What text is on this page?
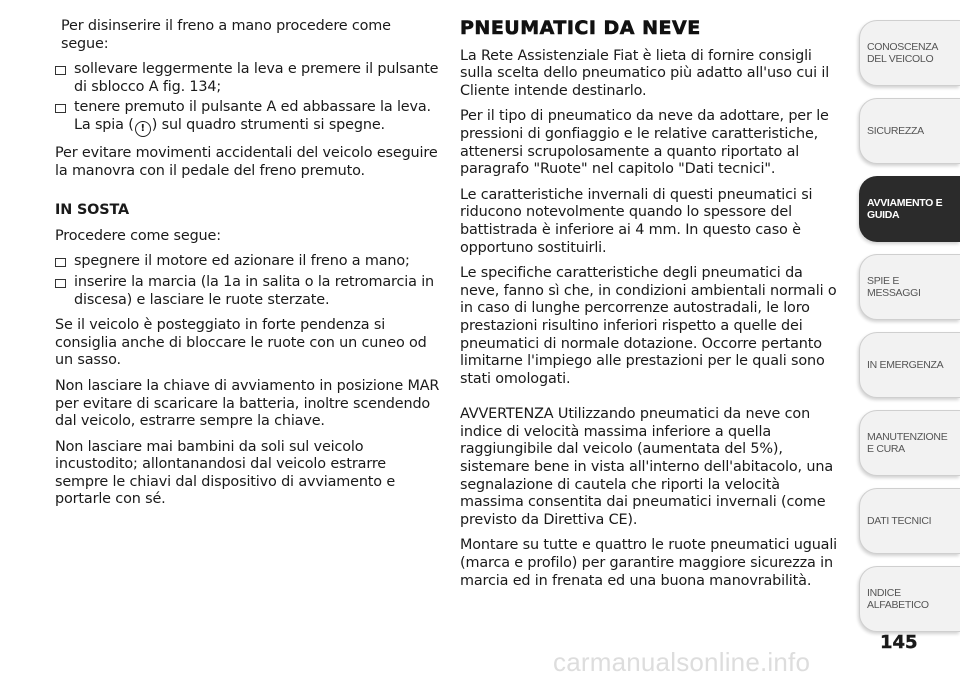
Per disinserire il freno a mano procedere come segue:

sollevare leggermente la leva e premere il pulsante di sblocco A fig. 134;
tenere premuto il pulsante A ed abbassare la leva.
La spia ( ! ) sul quadro strumenti si spegne.

Per evitare movimenti accidentali del veicolo eseguire la manovra con il pedale del freno premuto.

IN SOSTA

Procedere come segue:

spegnere il motore ed azionare il freno a mano;
inserire la marcia (la 1a in salita o la retromarcia in discesa) e lasciare le ruote sterzate.

Se il veicolo è posteggiato in forte pendenza si consiglia anche di bloccare le ruote con un cuneo od un sasso.

Non lasciare la chiave di avviamento in posizione MAR per evitare di scaricare la batteria, inoltre scendendo dal veicolo, estrarre sempre la chiave.

Non lasciare mai bambini da soli sul veicolo incustodito; allontanandosi dal veicolo estrarre sempre le chiavi dal dispositivo di avviamento e portarle con sé.

PNEUMATICI DA NEVE

La Rete Assistenziale Fiat è lieta di fornire consigli sulla scelta dello pneumatico più adatto all'uso cui il Cliente intende destinarlo.

Per il tipo di pneumatico da neve da adottare, per le pressioni di gonfiaggio e le relative caratteristiche, attenersi scrupolosamente a quanto riportato al paragrafo "Ruote" nel capitolo "Dati tecnici".

Le caratteristiche invernali di questi pneumatici si riducono notevolmente quando lo spessore del battistrada è inferiore ai 4 mm. In questo caso è opportuno sostituirli.

Le specifiche caratteristiche degli pneumatici da neve, fanno sì che, in condizioni ambientali normali o in caso di lunghe percorrenze autostradali, le loro prestazioni risultino inferiori rispetto a quelle dei pneumatici di normale dotazione. Occorre pertanto limitarne l'impiego alle prestazioni per le quali sono stati omologati.

AVVERTENZA Utilizzando pneumatici da neve con indice di velocità massima inferiore a quella raggiungibile dal veicolo (aumentata del 5%), sistemare bene in vista all'interno dell'abitacolo, una segnalazione di cautela che riporti la velocità massima consentita dai pneumatici invernali (come previsto da Direttiva CE).

Montare su tutte e quattro le ruote pneumatici uguali (marca e profilo) per garantire maggiore sicurezza in marcia ed in frenata ed una buona manovrabilità.

CONOSCENZA DEL VEICOLO
SICUREZZA
AVVIAMENTO E GUIDA
SPIE E MESSAGGI
IN EMERGENZA
MANUTENZIONE E CURA
DATI TECNICI
INDICE ALFABETICO
145
carmanualsonline.info
